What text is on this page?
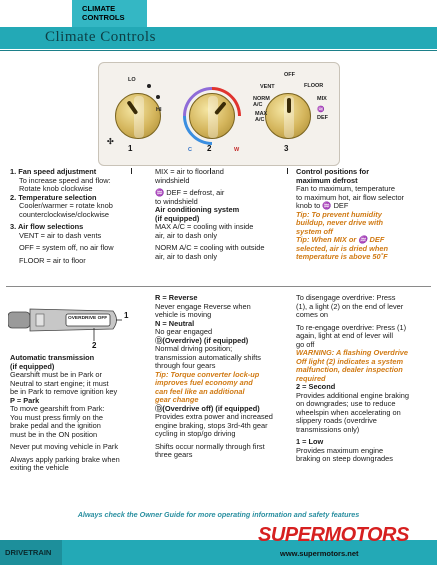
CLIMATE
CONTROLS
Climate Controls
LO
HI
✣
C	W
OFF
VENT	FLOOR
NORM
A/C
MIX
MAX
A/C
♒
DEF
1	2	3
1. Fan speed adjustment
To increase speed and flow:
Rotate knob clockwise
2. Temperature selection
Cooler/warmer = rotate knob
counterclockwise/clockwise
3. Air flow selections
VENT = air to dash vents
OFF = system off, no air flow
FLOOR = air to floor
MIX = air to floor and
windshield
♒ DEF = defrost, air
to windshield
Air conditioning system
(if equipped)
MAX A/C = cooling with inside
air, air to dash only
NORM A/C = cooling with outside
air, air to dash only
Control positions for
maximum defrost
Fan to maximum, temperature
to maximum hot, air flow selector
knob to ♒ DEF
Tip: To prevent humidity
buildup, never drive with
system off
Tip: When MIX or ♒ DEF
selected, air is dried when
temperature is above 50˚F
OVERDRIVE OFF 1
2
Automatic transmission
(if equipped)
Gearshift must be in Park or
Neutral to start engine; it must
be in Park to remove ignition key
P = Park
To move gearshift from Park:
You must press firmly on the
brake pedal and the ignition
must be in the ON position
Never put moving vehicle in Park
Always apply parking brake when
exiting the vehicle
R = Reverse
Never engage Reverse when
vehicle is moving
N = Neutral
No gear engaged
Ⓓ(Overdrive) (if equipped)
Normal driving position;
transmission automatically shifts
through four gears
Tip: Torque converter lock-up
improves fuel economy and
can feel like an additional
gear change
Ⓓ(Overdrive off) (if equipped)
Provides extra power and increased
engine braking, stops 3rd-4th gear
cycling in stop/go driving
Shifts occur normally through first
three gears
To disengage overdrive: Press
(1), a light (2) on the end of lever
comes on
To re-engage overdrive: Press (1)
again, light at end of lever will
go off
WARNING: A flashing Overdrive
Off light (2) indicates a system
malfunction, dealer inspection
required
2 = Second
Provides additional engine braking
on downgrades; use to reduce
wheelspin when accelerating on
slippery roads (overdrive
transmissions only)
1 = Low
Provides maximum engine
braking on steep downgrades
Always check the Owner Guide for more operating information and safety features
DRIVETRAIN
SUPERMOTORS
www.supermotors.net
